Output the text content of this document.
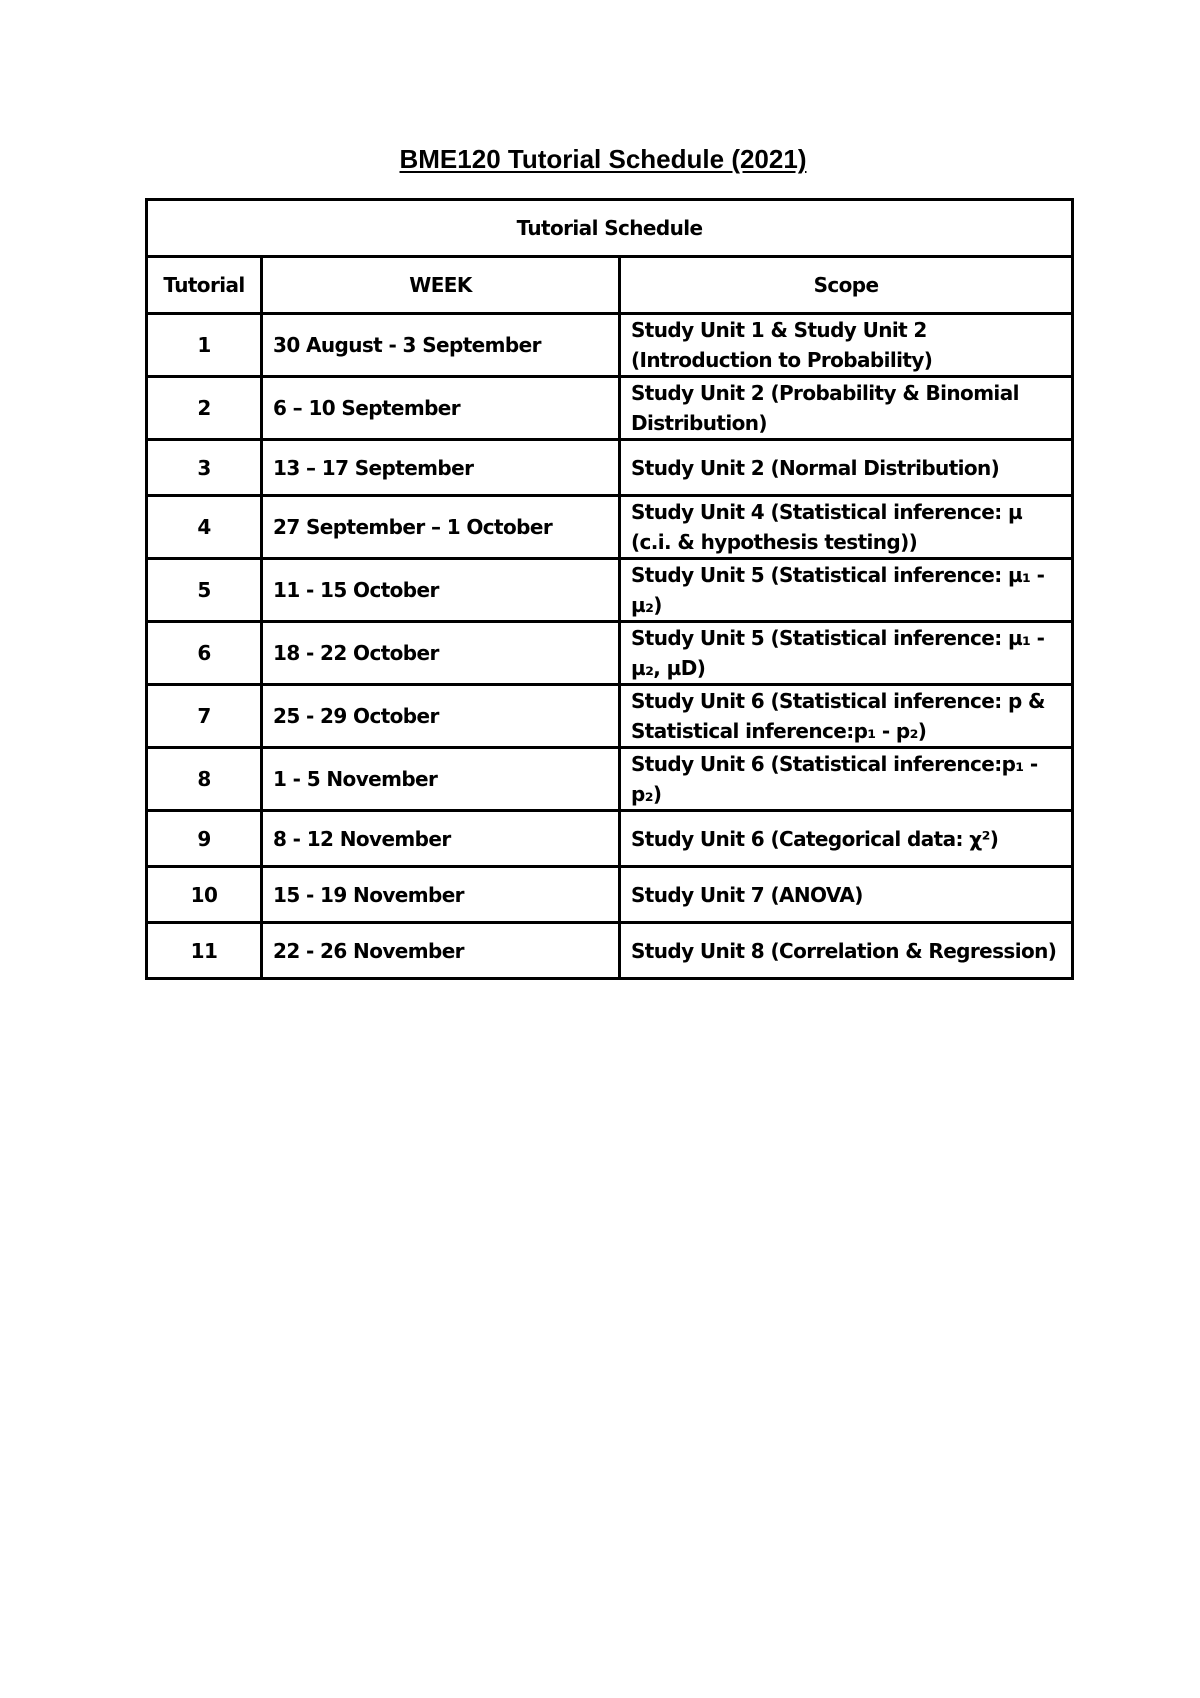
BME120 Tutorial Schedule (2021)
Tutorial Schedule		
Tutorial	WEEK	Scope
1	30 August - 3 September	Study Unit 1 & Study Unit 2 (Introduction to Probability)
2	6 – 10 September	Study Unit 2 (Probability & Binomial Distribution)
3	13 – 17 September	Study Unit 2 (Normal Distribution)
4	27 September – 1 October	Study Unit 4 (Statistical inference: µ (c.i. & hypothesis testing))
5	11 - 15 October	Study Unit 5 (Statistical inference: µ₁ - µ₂)
6	18 - 22 October	Study Unit 5 (Statistical inference: µ₁ - µ₂, µD)
7	25 - 29 October	Study Unit 6 (Statistical inference: p & Statistical inference:p₁ - p₂)
8	1 - 5 November	Study Unit 6 (Statistical inference:p₁ - p₂)
9	8 - 12 November	Study Unit 6 (Categorical data: χ²)
10	15 - 19 November	Study Unit 7 (ANOVA)
11	22 - 26 November	Study Unit 8 (Correlation & Regression)
